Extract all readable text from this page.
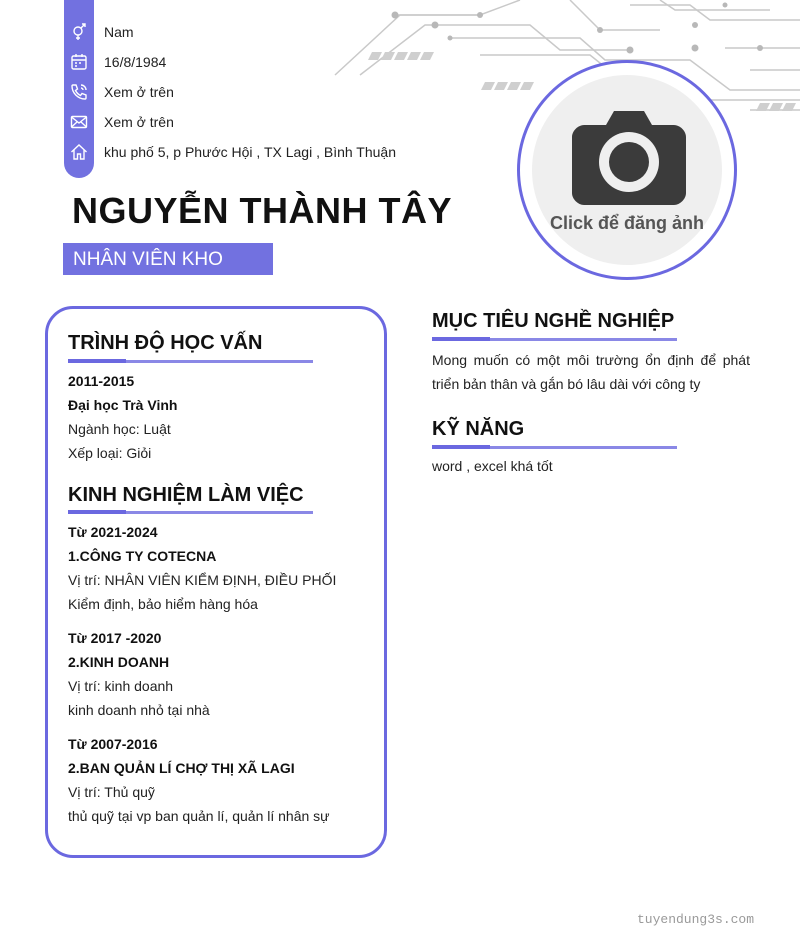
Nam
16/8/1984
Xem ở trên
Xem ở trên
khu phố 5, p Phước Hội , TX Lagi , Bình Thuận
NGUYỄN THÀNH TÂY
NHÂN VIÊN KHO
Click để đăng ảnh
TRÌNH ĐỘ HỌC VẤN
2011-2015
Đại học Trà Vinh
Ngành học: Luật
Xếp loại: Giỏi
KINH NGHIỆM LÀM VIỆC
Từ 2021-2024
1.CÔNG TY COTECNA
Vị trí: NHÂN VIÊN KIỂM ĐỊNH, ĐIỀU PHỐI
Kiểm định, bảo hiểm hàng hóa
Từ 2017 -2020
2.KINH DOANH
Vị trí: kinh doanh
kinh doanh nhỏ tại nhà
Từ 2007-2016
2.BAN QUẢN LÍ CHỢ THỊ XÃ LAGI
Vị trí: Thủ quỹ
thủ quỹ tại vp ban quản lí, quản lí nhân sự
MỤC TIÊU NGHỀ NGHIỆP
Mong muốn có một môi trường ổn định để phát triển bản thân và gắn bó lâu dài với công ty
KỸ NĂNG
word , excel khá tốt
tuyendung3s.com
